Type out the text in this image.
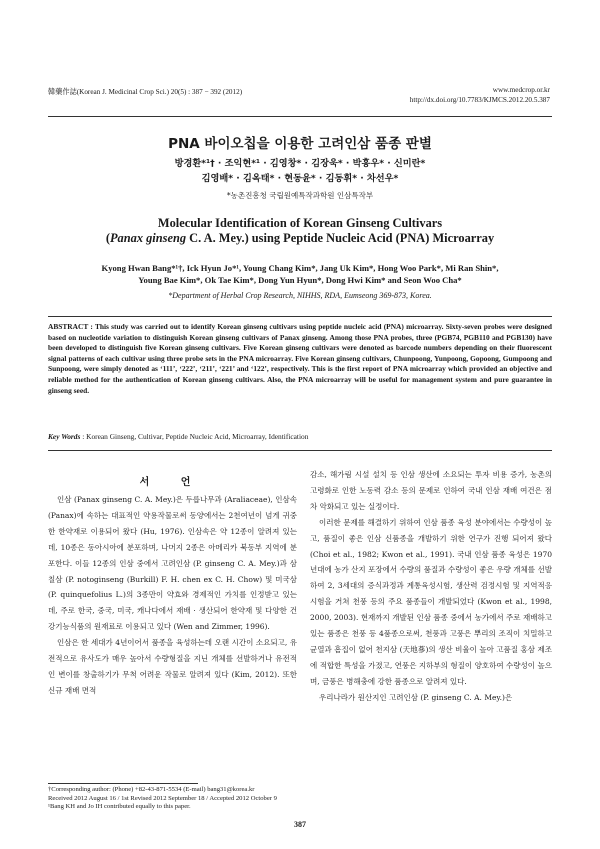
韓藥作誌(Korean J. Medicinal Crop Sci.) 20(5) : 387 − 392 (2012)	www.medcrop.or.kr
http://dx.doi.org/10.7783/KJMCS.2012.20.5.387
PNA 바이오칩을 이용한 고려인삼 품종 판별
방경환*¹† · 조익현*¹ · 김영창* · 김장욱* · 박홍우* · 신미란*
김영배* · 김옥태* · 현동윤* · 김동휘* · 차선우*
*농촌진흥청 국립원예특작과학원 인삼특작부
Molecular Identification of Korean Ginseng Cultivars
(Panax ginseng C. A. Mey.) using Peptide Nucleic Acid (PNA) Microarray
Kyong Hwan Bang*¹†, Ick Hyun Jo*¹, Young Chang Kim*, Jang Uk Kim*, Hong Woo Park*, Mi Ran Shin*,
Young Bae Kim*, Ok Tae Kim*, Dong Yun Hyun*, Dong Hwi Kim* and Seon Woo Cha*
*Department of Herbal Crop Research, NIHHS, RDA, Eumseong 369-873, Korea.
ABSTRACT : This study was carried out to identify Korean ginseng cultivars using peptide nucleic acid (PNA) microarray. Sixty-seven probes were designed based on nucleotide variation to distinguish Korean ginseng cultivars of Panax ginseng. Among those PNA probes, three (PGB74, PGB110 and PGB130) have been developed to distinguish five Korean ginseng cultivars. Five Korean ginseng cultivars were denoted as barcode numbers depending on their fluorescent signal patterns of each cultivar using three probe sets in the PNA microarray. Five Korean ginseng cultivars, Chunpoong, Yunpoong, Gopoong, Gumpoong and Sunpoong, were simply denoted as ‘111’, ‘222’, ‘211’, ‘221’ and ‘122’, respectively. This is the first report of PNA microarray which provided an objective and reliable method for the authentication of Korean ginseng cultivars. Also, the PNA microarray will be useful for management system and pure guarantee in ginseng seed.
Key Words : Korean Ginseng, Cultivar, Peptide Nucleic Acid, Microarray, Identification
서 언

인삼 (Panax ginseng C. A. Mey.)은 두릅나무과 (Araliaceae), 인삼속 (Panax)에 속하는 대표적인 약용작물로써 동양에서는 2천여년이 넘게 귀중한 한약재로 이용되어 왔다 (Hu, 1976). 인삼속은 약 12종이 알려져 있는데, 10종은 동아시아에 분포하며, 나머지 2종은 아메리카 북동부 지역에 분포한다. 이들 12종의 인삼 중에서 고려인삼 (P. ginseng C. A. Mey.)과 삼칠삼 (P. notoginseng (Burkill) F. H. chen ex C. H. Chow) 및 미국삼 (P. quinquefolius L.)의 3종만이 약효와 경제적인 가치를 인정받고 있는데, 주로 한국, 중국, 미국, 캐나다에서 재배 · 생산되어 한약재 및 다양한 건강기능식품의 원재료로 이용되고 있다 (Wen and Zimmer, 1996).

인삼은 한 세대가 4년이어서 품종을 육성하는데 오랜 시간이 소요되고, 유전적으로 유사도가 매우 높아서 수량형질을 지닌 개체를 선발하거나 유전적인 변이를 창출하기가 무척 어려운 작물로 알려져 있다 (Kim, 2012). 또한 신규 재배 면적

감소, 해가림 시설 설치 등 인삼 생산에 소요되는 투자 비용 증가, 농촌의 고령화로 인한 노동력 감소 등의 문제로 인하여 국내 인삼 재배 여건은 점차 악화되고 있는 실정이다.

이러한 문제를 해결하기 위하여 인삼 품종 육성 분야에서는 수량성이 높고, 품질이 좋은 인삼 신품종을 개발하기 위한 연구가 진행 되어져 왔다 (Choi et al., 1982; Kwon et al., 1991). 국내 인삼 품종 육성은 1970년대에 농가 산지 포장에서 수량의 품질과 수량성이 좋은 우량 개체를 선발하여 2, 3세대의 증식과정과 계통육성시험, 생산력 검정시험 및 지역적응시험을 거쳐 천풍 등의 주요 품종들이 개발되었다 (Kwon et al., 1998, 2000, 2003). 현재까지 개발된 인삼 품종 중에서 농가에서 주로 재배하고 있는 품종은 천풍 등 4품종으로써, 천풍과 고풍은 뿌리의 조직이 치밀하고 균열과 흠집이 없어 천지삼 (天地蔘)의 생산 비율이 높아 고품질 홍삼 제조에 적합한 특성을 가졌고, 연풍은 지하부의 형질이 양호하여 수량성이 높으며, 금풍은 병해충에 강한 품종으로 알려져 있다.

우리나라가 원산지인 고려인삼 (P. ginseng C. A. Mey.)은

†Corresponding author: (Phone) +82-43-871-5534 (E-mail) bang31@korea.kr
Received 2012 August 16 / 1st Revised 2012 September 18 / Accepted 2012 October 9
¹Bang KH and Jo IH contributed equally to this paper.
387
